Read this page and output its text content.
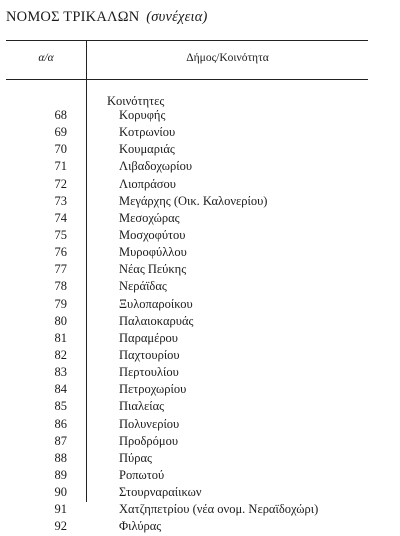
ΝΟΜΟΣ ΤΡΙΚΑΛΩΝ (συνέχεια)
α/α	Δήμος/Κοινότητα
Κοινότητες
68	Κορυφής
69	Κοτρωνίου
70	Κουμαριάς
71	Λιβαδοχωρίου
72	Λιοπράσου
73	Μεγάρχης (Οικ. Καλονερίου)
74	Μεσοχώρας
75	Μοσχοφύτου
76	Μυροφύλλου
77	Νέας Πεύκης
78	Νεράϊδας
79	Ξυλοπαροίκου
80	Παλαιοκαρυάς
81	Παραμέρου
82	Παχτουρίου
83	Περτουλίου
84	Πετροχωρίου
85	Πιαλείας
86	Πολυνερίου
87	Προδρόμου
88	Πύρας
89	Ροπωτού
90	Στουρναραίικων
91	Χατζηπετρίου (νέα ονομ. Νεραϊδοχώρι)
92	Φιλύρας
